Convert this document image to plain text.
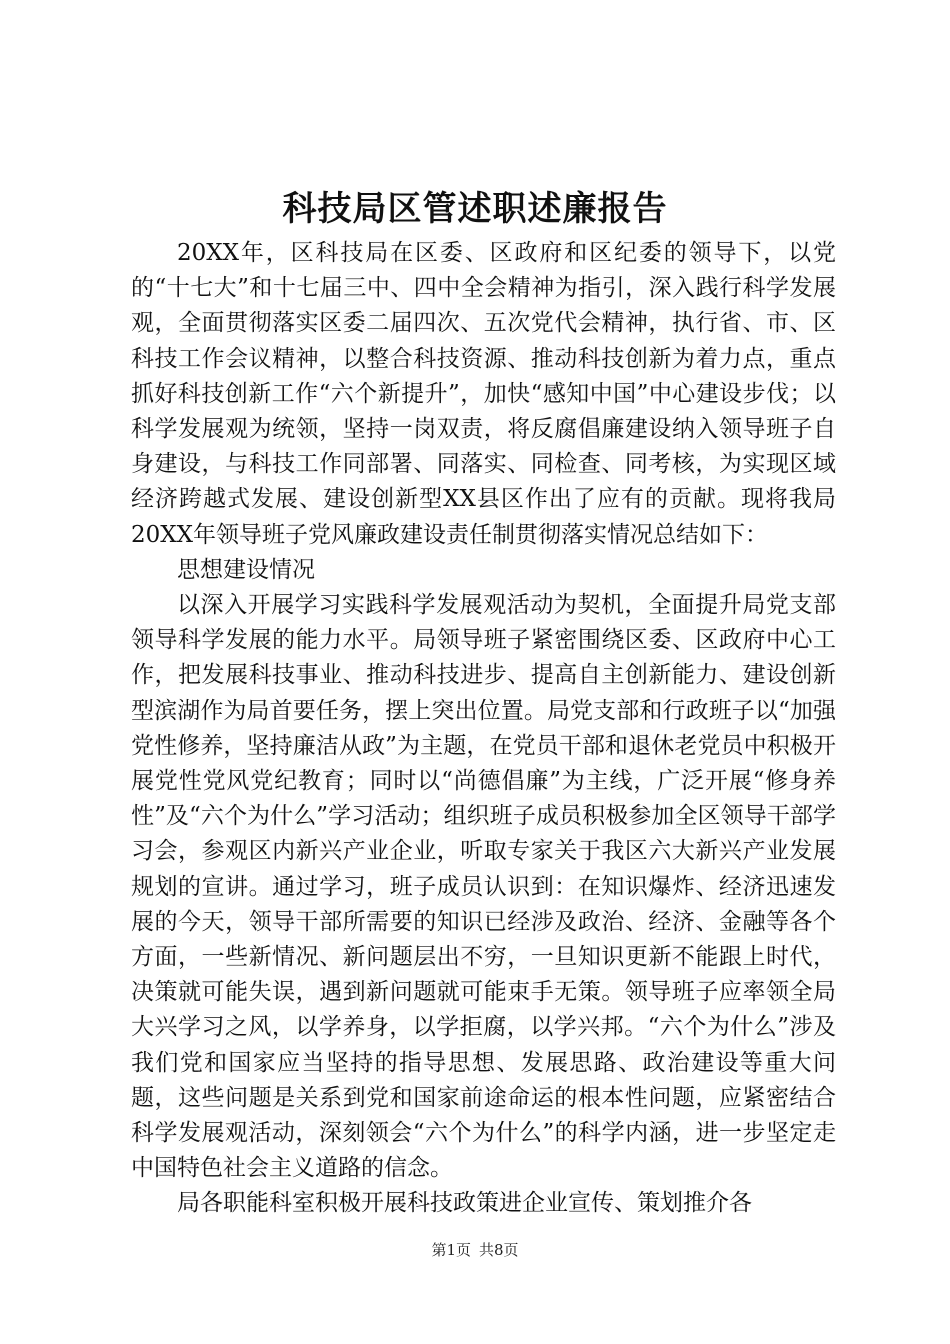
科技局区管述职述廉报告

20XX年，区科技局在区委、区政府和区纪委的领导下，以党的“十七大”和十七届三中、四中全会精神为指引，深入践行科学发展观，全面贯彻落实区委二届四次、五次党代会精神，执行省、市、区科技工作会议精神，以整合科技资源、推动科技创新为着力点，重点抓好科技创新工作“六个新提升”，加快“感知中国”中心建设步伐；以科学发展观为统领，坚持一岗双责，将反腐倡廉建设纳入领导班子自身建设，与科技工作同部署、同落实、同检查、同考核，为实现区域经济跨越式发展、建设创新型XX县区作出了应有的贡献。现将我局20XX年领导班子党风廉政建设责任制贯彻落实情况总结如下：

思想建设情况

以深入开展学习实践科学发展观活动为契机，全面提升局党支部领导科学发展的能力水平。局领导班子紧密围绕区委、区政府中心工作，把发展科技事业、推动科技进步、提高自主创新能力、建设创新型滨湖作为局首要任务，摆上突出位置。局党支部和行政班子以“加强党性修养，坚持廉洁从政”为主题，在党员干部和退休老党员中积极开展党性党风党纪教育；同时以“尚德倡廉”为主线，广泛开展“修身养性”及“六个为什么”学习活动；组织班子成员积极参加全区领导干部学习会，参观区内新兴产业企业，听取专家关于我区六大新兴产业发展规划的宣讲。通过学习，班子成员认识到：在知识爆炸、经济迅速发展的今天，领导干部所需要的知识已经涉及政治、经济、金融等各个方面，一些新情况、新问题层出不穷，一旦知识更新不能跟上时代，决策就可能失误，遇到新问题就可能束手无策。领导班子应率领全局大兴学习之风，以学养身，以学拒腐，以学兴邦。“六个为什么”涉及我们党和国家应当坚持的指导思想、发展思路、政治建设等重大问题，这些问题是关系到党和国家前途命运的根本性问题，应紧密结合科学发展观活动，深刻领会“六个为什么”的科学内涵，进一步坚定走中国特色社会主义道路的信念。

局各职能科室积极开展科技政策进企业宣传、策划推介各

第1页 共8页
